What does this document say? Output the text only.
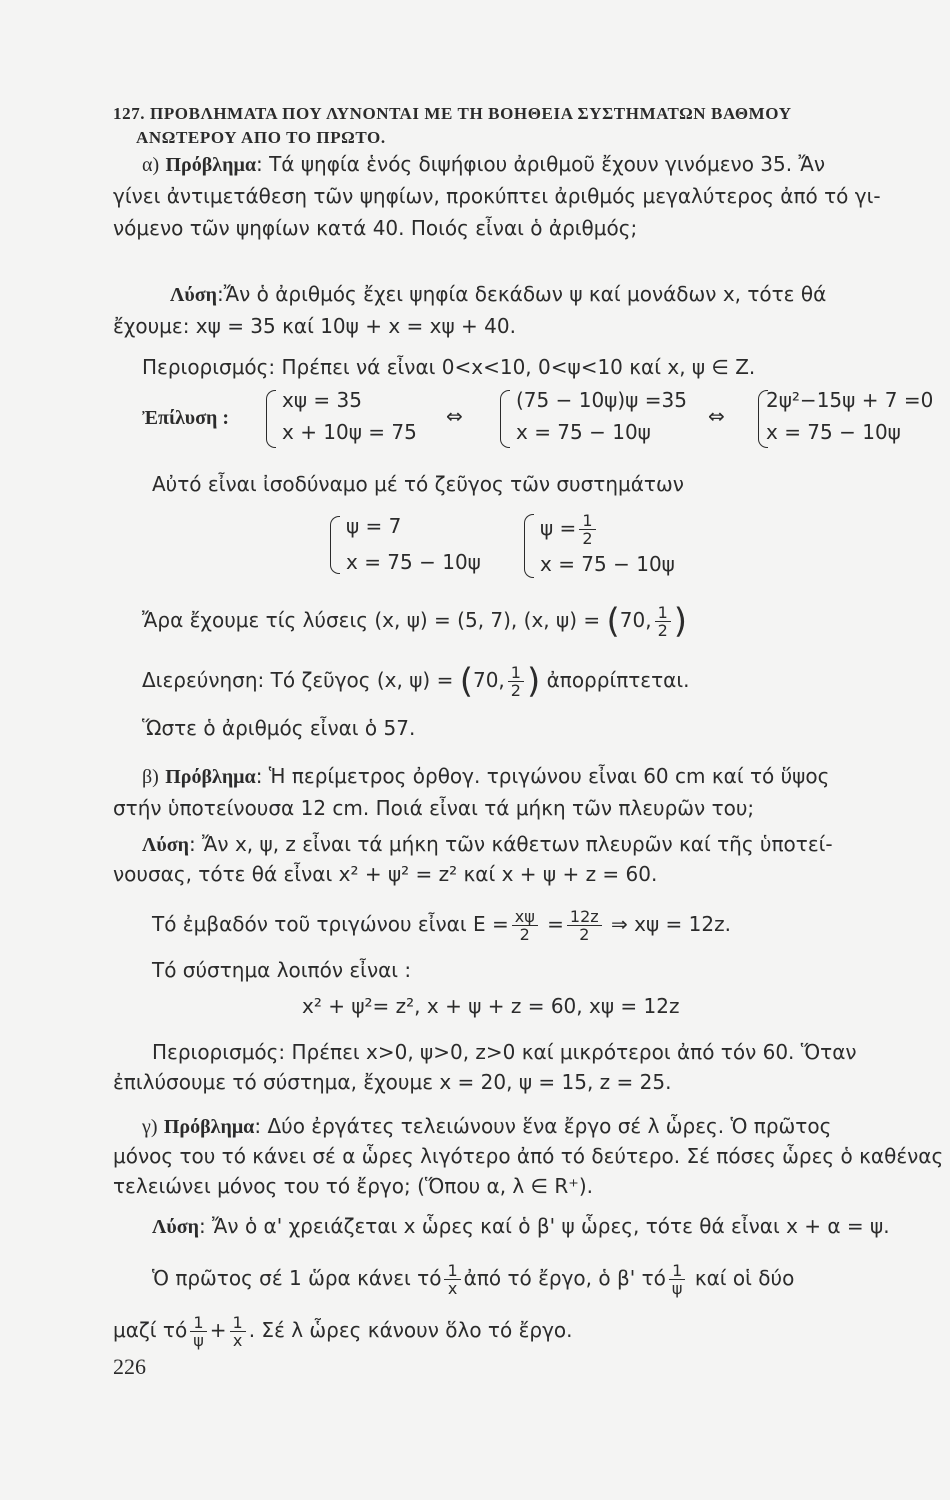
127. ΠΡΟΒΛΗΜΑΤΑ ΠΟΥ ΛΥΝΟΝΤΑΙ ΜΕ ΤΗ ΒΟΗΘΕΙΑ ΣΥΣΤΗΜΑΤΩΝ ΒΑΘΜΟΥ
ΑΝΩΤΕΡΟΥ ΑΠΟ ΤΟ ΠΡΩΤΟ.
α) Πρόβλημα: Τά ψηφία ἑνός διψήφιου ἀριθμοῦ ἔχουν γινόμενο 35. Ἄν
γίνει ἀντιμετάθεση τῶν ψηφίων, προκύπτει ἀριθμός μεγαλύτερος ἀπό τό γι-
νόμενο τῶν ψηφίων κατά 40. Ποιός εἶναι ὁ ἀριθμός;
Λύση:Ἄν ὁ ἀριθμός ἔχει ψηφία δεκάδων ψ καί μονάδων x, τότε θά
ἔχουμε: xψ = 35 καί 10ψ + x = xψ + 40.
Περιορισμός: Πρέπει νά εἶναι 0<x<10, 0<ψ<10 καί x, ψ ∈ Z.
Ἐπίλυση :
xψ = 35
x + 10ψ = 75
⇔
(75 − 10ψ)ψ =35
x = 75 − 10ψ
⇔
2ψ²−15ψ + 7 =0
x = 75 − 10ψ
Αὐτό εἶναι ἰσοδύναμο μέ τό ζεῦγος τῶν συστημάτων
ψ = 7
x = 75 − 10ψ
$\psi = \frac{1}{2}$
x = 75 − 10ψ
Ἄρα ἔχουμε τίς λύσεις (x, ψ) = (5, 7), (x, ψ) = (70, $\frac{1}{2}$ )
Διερεύνηση: Τό ζεῦγος (x, ψ) = (70, $\frac{1}{2}$ ) ἀπορρίπτεται.
Ὥστε ὁ ἀριθμός εἶναι ὁ 57.
β) Πρόβλημα: Ἡ περίμετρος ὀρθογ. τριγώνου εἶναι 60 cm καί τό ὕψος
στήν ὑποτείνουσα 12 cm. Ποιά εἶναι τά μήκη τῶν πλευρῶν του;
Λύση: Ἄν x, ψ, z εἶναι τά μήκη τῶν κάθετων πλευρῶν καί τῆς ὑποτεί-
νουσας, τότε θά εἶναι x² + ψ² = z² καί x + ψ + z = 60.
Τό ἐμβαδόν τοῦ τριγώνου εἶναι $E = \frac{x\psi}{2} = \frac{12z}{2}$ ⇒ xψ = 12z.
Τό σύστημα λοιπόν εἶναι :
x² + ψ²= z², x + ψ + z = 60, xψ = 12z
Περιορισμός: Πρέπει x>0, ψ>0, z>0 καί μικρότεροι ἀπό τόν 60. Ὅταν
ἐπιλύσουμε τό σύστημα, ἔχουμε x = 20, ψ = 15, z = 25.
γ) Πρόβλημα: Δύο ἐργάτες τελειώνουν ἕνα ἔργο σέ λ ὧρες. Ὁ πρῶτος
μόνος του τό κάνει σέ α ὧρες λιγότερο ἀπό τό δεύτερο. Σέ πόσες ὧρες ὁ καθένας
τελειώνει μόνος του τό ἔργο; (Ὅπου α, λ ∈ R⁺).
Λύση: Ἄν ὁ α' χρειάζεται x ὧρες καί ὁ β' ψ ὧρες, τότε θά εἶναι x + α = ψ.
Ὁ πρῶτος σέ 1 ὥρα κάνει τό $\frac{1}{x}$ ἀπό τό ἔργο, ὁ β' τό $\frac{1}{\psi}$ καί οἱ δύο
μαζί τό $\frac{1}{\psi} + \frac{1}{x}$ . Σέ λ ὧρες κάνουν ὅλο τό ἔργο.
226
